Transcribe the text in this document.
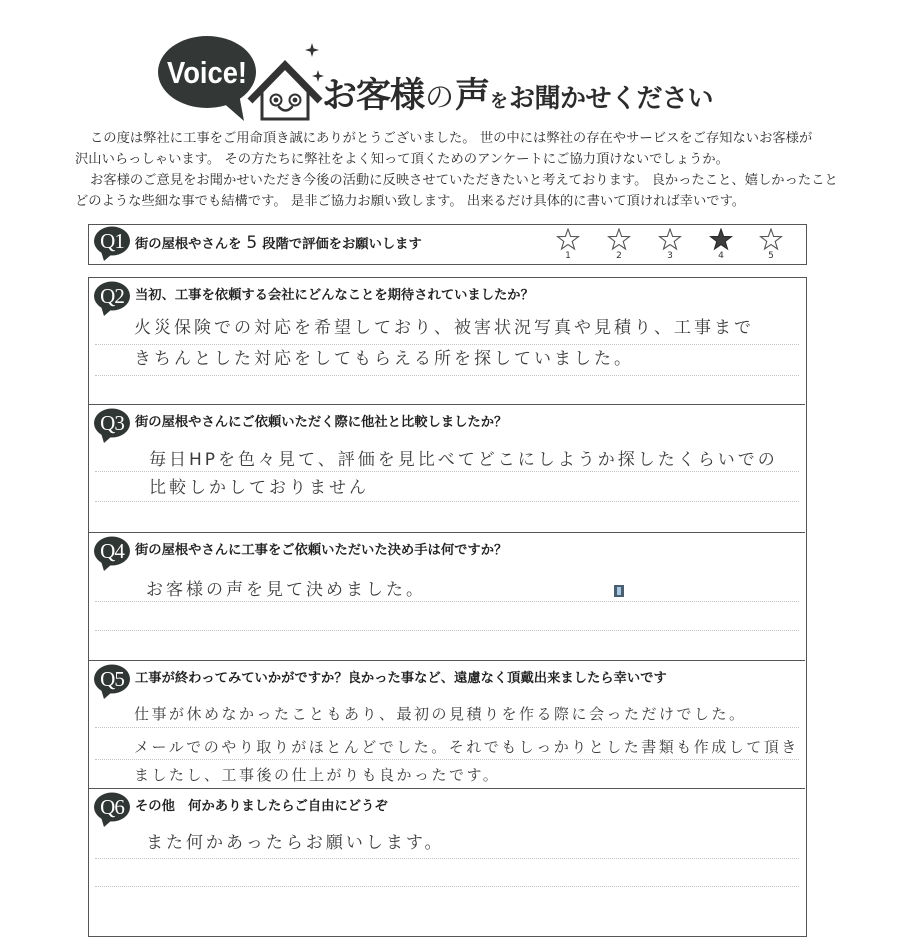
Voice!
お客様 の 声 を お聞かせください
この度は弊社に工事をご用命頂き誠にありがとうございました。 世の中には弊社の存在やサービスをご存知ないお客様が
沢山いらっしゃいます。 その方たちに弊社をよく知って頂くためのアンケートにご協力頂けないでしょうか。
お客様のご意見をお聞かせいただき今後の活動に反映させていただきたいと考えております。 良かったこと、嬉しかったこと
どのような些細な事でも結構です。 是非ご協力お願い致します。 出来るだけ具体的に書いて頂ければ幸いです。
Q1 街の屋根やさんを 5 段階で評価をお願いします
1	2	3	4	5
Q2 当初、工事を依頼する会社にどんなことを期待されていましたか？
火災保険での対応を希望しており、被害状況写真や見積り、工事まで
きちんとした対応をしてもらえる所を探していました。
Q3 街の屋根やさんにご依頼いただく際に他社と比較しましたか？
毎日HPを色々見て、評価を見比べてどこにしようか探したくらいでの
比較しかしておりません
Q4 街の屋根やさんに工事をご依頼いただいた決め手は何ですか？
お客様の声を見て決めました。
Q5 工事が終わってみていかがですか？良かった事など、遠慮なく頂戴出来ましたら幸いです
仕事が休めなかったこともあり、最初の見積りを作る際に会っただけでした。
メールでのやり取りがほとんどでした。それでもしっかりとした書類も作成して頂き
ましたし、工事後の仕上がりも良かったです。
Q6 その他　何かありましたらご自由にどうぞ
また何かあったらお願いします。
